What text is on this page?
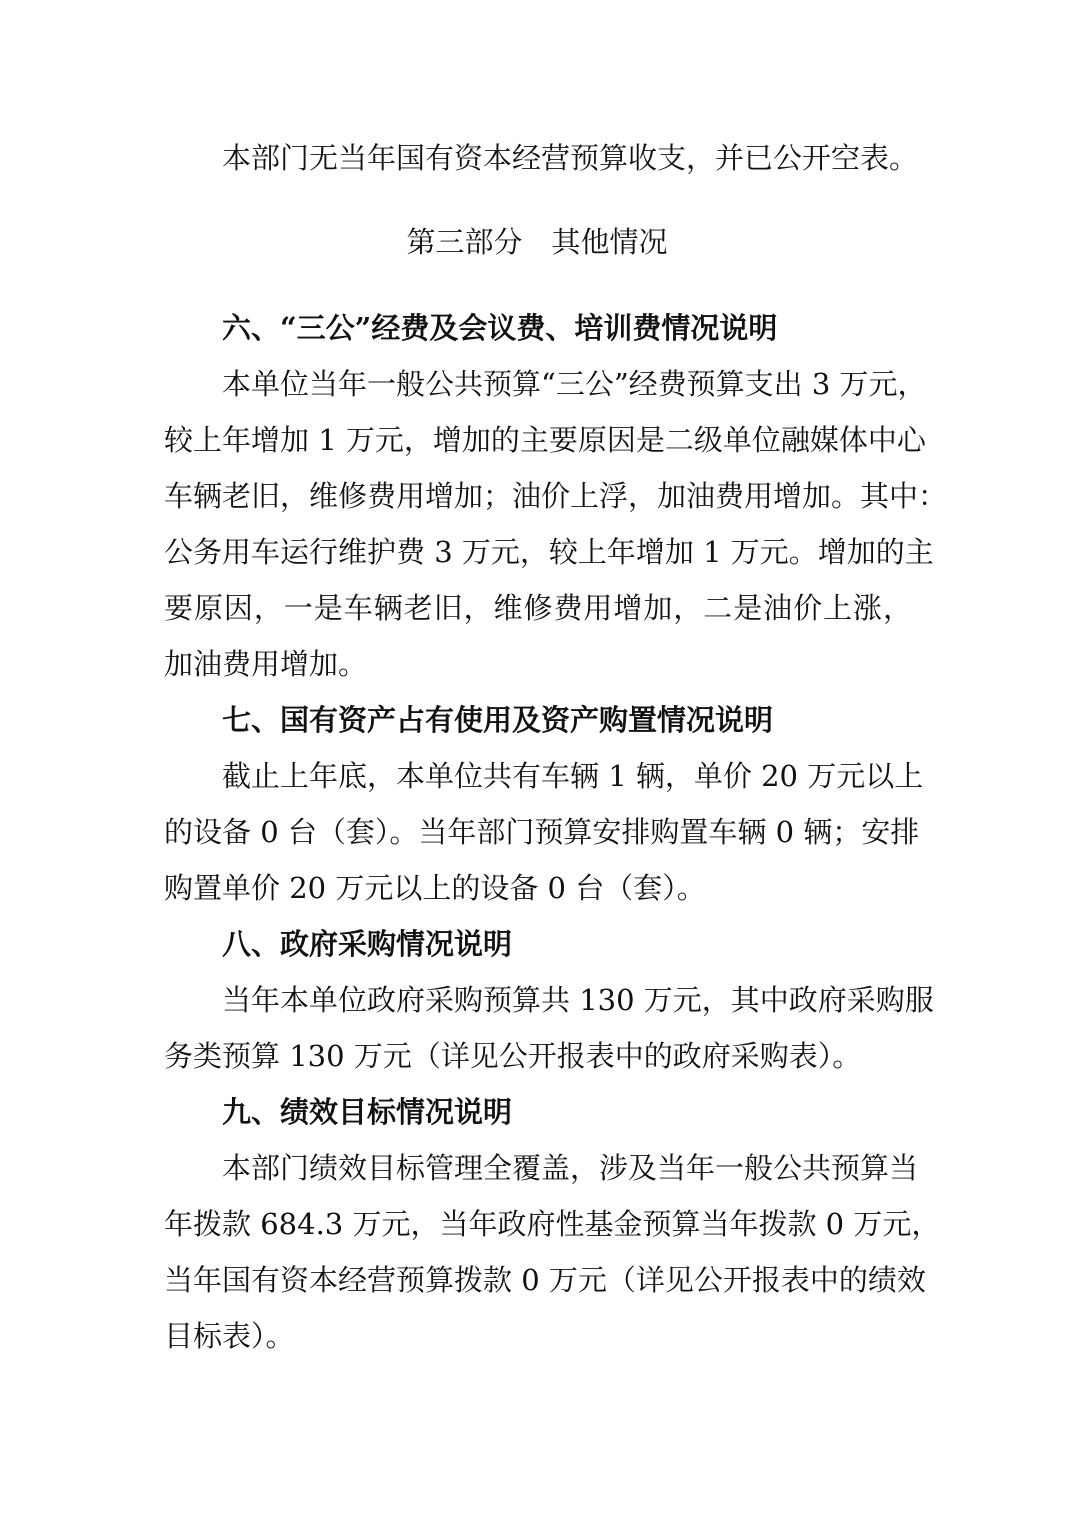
本部门无当年国有资本经营预算收支，并已公开空表。
第三部分　其他情况
六、“三公”经费及会议费、培训费情况说明
本单位当年一般公共预算“三公”经费预算支出 3 万元，
较上年增加 1 万元，增加的主要原因是二级单位融媒体中心
车辆老旧，维修费用增加；油价上浮，加油费用增加。其中：
公务用车运行维护费 3 万元，较上年增加 1 万元。增加的主
要原因，一是车辆老旧，维修费用增加，二是油价上涨，
加油费用增加。
七、国有资产占有使用及资产购置情况说明
截止上年底，本单位共有车辆 1 辆，单价 20 万元以上
的设备 0 台（套）。当年部门预算安排购置车辆 0 辆；安排
购置单价 20 万元以上的设备 0 台（套）。
八、政府采购情况说明
当年本单位政府采购预算共 130 万元，其中政府采购服
务类预算 130 万元（详见公开报表中的政府采购表）。
九、绩效目标情况说明
本部门绩效目标管理全覆盖，涉及当年一般公共预算当
年拨款 684.3 万元，当年政府性基金预算当年拨款 0 万元，
当年国有资本经营预算拨款 0 万元（详见公开报表中的绩效
目标表）。
